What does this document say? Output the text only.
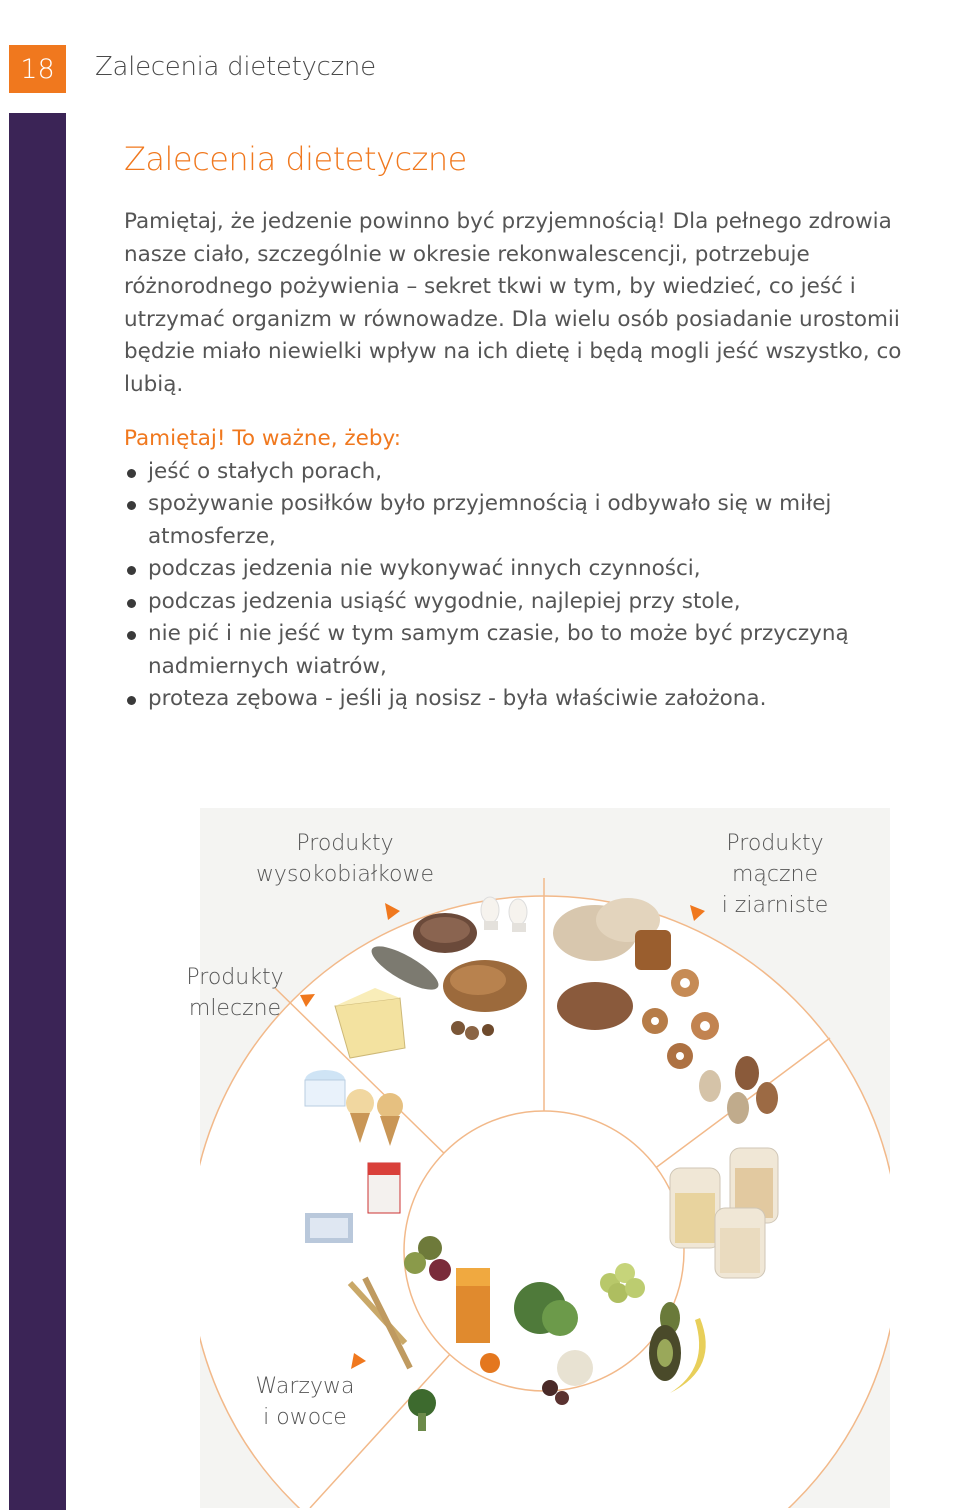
18	Zalecenia dietetyczne
Zalecenia dietetyczne

Pamiętaj, że jedzenie powinno być przyjemnością! Dla pełnego zdrowia nasze ciało, szczególnie w okresie rekonwalescencji, potrzebuje różnorodnego pożywienia – sekret tkwi w tym, by wiedzieć, co jeść i utrzymać organizm w równowadze. Dla wielu osób posiadanie urostomii będzie miało niewielki wpływ na ich dietę i będą mogli jeść wszystko, co lubią.

Pamiętaj! To ważne, żeby:
jeść o stałych porach,
spożywanie posiłków było przyjemnością i odbywało się w miłej atmosferze,
podczas jedzenia nie wykonywać innych czynności,
podczas jedzenia usiąść wygodnie, najlepiej przy stole,
nie pić i nie jeść w tym samym czasie, bo to może być przyczyną nadmiernych wiatrów,
proteza zębowa - jeśli ją nosisz - była właściwie założona.
Produkty
wysokobiałkowe
Produkty
mączne
i ziarniste
Produkty
mleczne
Warzywa
i owoce
